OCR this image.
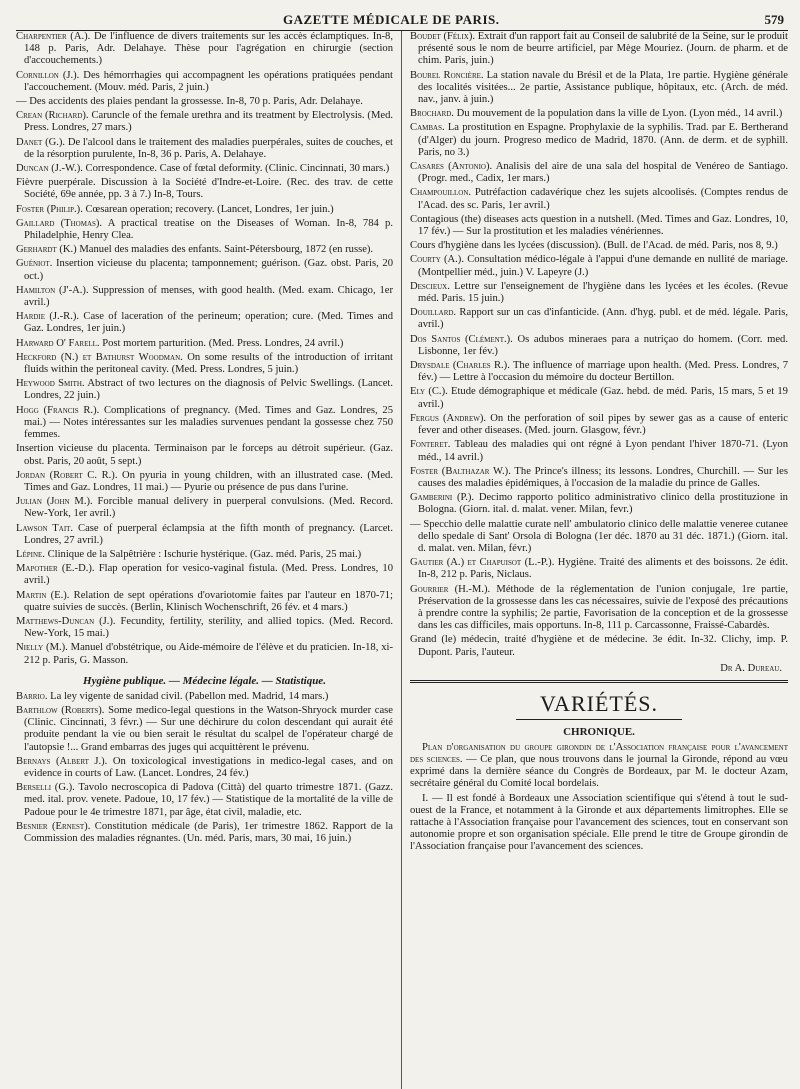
GAZETTE MÉDICALE DE PARIS.	579

Charpentier (A.). De l'influence de divers traitements sur les accès éclamptiques. In-8, 148 p. Paris, Adr. Delahaye. Thèse pour l'agrégation en chirurgie (section d'accouchements.)

Cornillon (J.). Des hémorrhagies qui accompagnent les opérations pratiquées pendant l'accouchement. (Mouv. méd. Paris, 2 juin.)

— Des accidents des plaies pendant la grossesse. In-8, 70 p. Paris, Adr. Delahaye.

Crean (Richard). Caruncle of the female urethra and its treatment by Electrolysis. (Med. Press. Londres, 27 mars.)

Danet (G.). De l'alcool dans le traitement des maladies puerpérales, suites de couches, et de la résorption purulente, In-8, 36 p. Paris, A. Delahaye.

Duncan (J.-W.). Correspondence. Case of fœtal deformity. (Clinic. Cincinnati, 30 mars.)

Fièvre puerpérale. Discussion à la Société d'Indre-et-Loire. (Rec. des trav. de cette Société, 69e année, pp. 3 à 7.) In-8, Tours.

Foster (Philip.). Cœsarean operation; recovery. (Lancet, Londres, 1er juin.)

Gaillard (Thomas). A practical treatise on the Diseases of Woman. In-8, 784 p. Philadelphie, Henry Clea.

Gerhardt (K.) Manuel des maladies des enfants. Saint-Pétersbourg, 1872 (en russe).

Guéniot. Insertion vicieuse du placenta; tamponnement; guérison. (Gaz. obst. Paris, 20 oct.)

Hamilton (J'-A.). Suppression of menses, with good health. (Med. exam. Chicago, 1er avril.)

Hardie (J.-R.). Case of laceration of the perineum; operation; cure. (Med. Times and Gaz. Londres, 1er juin.)

Harward O' Farell. Post mortem parturition. (Med. Press. Londres, 24 avril.)

Heckford (N.) et Bathurst Woodman. On some results of the introduction of irritant fluids within the peritoneal cavity. (Med. Press. Londres, 5 juin.)

Heywood Smith. Abstract of two lectures on the diagnosis of Pelvic Swellings. (Lancet. Londres, 22 juin.)

Hogg (Francis R.). Complications of pregnancy. (Med. Times and Gaz. Londres, 25 mai.) — Notes intéressantes sur les maladies survenues pendant la gossesse chez 750 femmes.

Insertion vicieuse du placenta. Terminaison par le forceps au détroit supérieur. (Gaz. obst. Paris, 20 août, 5 sept.)

Jordan (Robert C. R.). On pyuria in young children, with an illustrated case. (Med. Times and Gaz. Londres, 11 mai.) — Pyurie ou présence de pus dans l'urine.

Julian (John M.). Forcible manual delivery in puerperal convulsions. (Med. Record. New-York, 1er avril.)

Lawson Tait. Case of puerperal éclampsia at the fifth month of pregnancy. (Larcet. Londres, 27 avril.)

Lépine. Clinique de la Salpêtrière : Ischurie hystérique. (Gaz. méd. Paris, 25 mai.)

Mapother (E.-D.). Flap operation for vesico-vaginal fistula. (Med. Press. Londres, 10 avril.)

Martin (E.). Relation de sept opérations d'ovariotomie faites par l'auteur en 1870-71; quatre suivies de succès. (Berlin, Klinisch Wochenschrift, 26 fév. et 4 mars.)

Matthews-Duncan (J.). Fecundity, fertility, sterility, and allied topics. (Med. Record. New-York, 15 mai.)

Nielly (M.). Manuel d'obstétrique, ou Aide-mémoire de l'élève et du praticien. In-18, xi-212 p. Paris, G. Masson.

Hygiène publique. — Médecine légale. — Statistique.

Barrio. La ley vigente de sanidad civil. (Pabellon med. Madrid, 14 mars.)

Barthlow (Roberts). Some medico-legal questions in the Watson-Shryock murder case (Clinic. Cincinnati, 3 févr.) — Sur une déchirure du colon descendant qui aurait été produite pendant la vie ou bien serait le résultat du scalpel de l'opérateur chargé de l'autopsie !... Grand embarras des juges qui acquittèrent le prévenu.

Bernays (Albert J.). On toxicological investigations in medico-legal cases, and on evidence in courts of Law. (Lancet. Londres, 24 fév.)

Berselli (G.). Tavolo necroscopica di Padova (Città) del quarto trimestre 1871. (Gazz. med. ital. prov. venete. Padoue, 10, 17 fév.) — Statistique de la mortalité de la ville de Padoue pour le 4e trimestre 1871, par âge, état civil, maladie, etc.

Besnier (Ernest). Constitution médicale (de Paris), 1er trimestre 1862. Rapport de la Commission des maladies régnantes. (Un. méd. Paris, mars, 30 mai, 16 juin.)

Boudet (Félix). Extrait d'un rapport fait au Conseil de salubrité de la Seine, sur le produit présenté sous le nom de beurre artificiel, par Mège Mouriez. (Journ. de pharm. et de chim. Paris, juin.)

Bourel Roncière. La station navale du Brésil et de la Plata, 1re partie. Hygiène générale des localités visitées... 2e partie, Assistance publique, hôpitaux, etc. (Arch. de méd. nav., janv. à juin.)

Brochard. Du mouvement de la population dans la ville de Lyon. (Lyon méd., 14 avril.)

Cambas. La prostitution en Espagne. Prophylaxie de la syphilis. Trad. par E. Bertherand (d'Alger) du journ. Progreso medico de Madrid, 1870. (Ann. de derm. et de syphill. Paris, no 3.)

Casares (Antonio). Analisis del aire de una sala del hospital de Venéreo de Santiago. (Progr. med., Cadix, 1er mars.)

Champouillon. Putréfaction cadavérique chez les sujets alcoolisés. (Comptes rendus de l'Acad. des sc. Paris, 1er avril.)

Contagious (the) diseases acts question in a nutshell. (Med. Times and Gaz. Londres, 10, 17 fév.) — Sur la prostitution et les maladies vénériennes.

Cours d'hygiène dans les lycées (discussion). (Bull. de l'Acad. de méd. Paris, nos 8, 9.)

Courty (A.). Consultation médico-légale à l'appui d'une demande en nullité de mariage. (Montpellier méd., juin.) V. Lapeyre (J.)

Descieux. Lettre sur l'enseignement de l'hygiène dans les lycées et les écoles. (Revue méd. Paris. 15 juin.)

Douillard. Rapport sur un cas d'infanticide. (Ann. d'hyg. publ. et de méd. légale. Paris, avril.)

Dos Santos (Clément.). Os adubos mineraes para a nutriçao do homem. (Corr. med. Lisbonne, 1er fév.)

Drysdale (Charles R.). The influence of marriage upon health. (Med. Press. Londres, 7 fév.) — Lettre à l'occasion du mémoire du docteur Bertillon.

Ely (C.). Etude démographique et médicale (Gaz. hebd. de méd. Paris, 15 mars, 5 et 19 avril.)

Fergus (Andrew). On the perforation of soil pipes by sewer gas as a cause of enteric fever and other diseases. (Med. journ. Glasgow, févr.)

Fonteret. Tableau des maladies qui ont régné à Lyon pendant l'hiver 1870-71. (Lyon méd., 14 avril.)

Foster (Balthazar W.). The Prince's illness; its lessons. Londres, Churchill. — Sur les causes des maladies épidémiques, à l'occasion de la maladie du prince de Galles.

Gamberini (P.). Decimo rapporto politico administrativo clinico della prostituzione in Bologna. (Giorn. ital. d. malat. vener. Milan, fevr.)

— Specchio delle malattie curate nell' ambulatorio clinico delle malattie veneree cutanee dello spedale di Sant' Orsola di Bologna (1er déc. 1870 au 31 déc. 1871.) (Giorn. ital. d. malat. ven. Milan, févr.)

Gautier (A.) et Chapuisot (L.-P.). Hygiène. Traité des aliments et des boissons. 2e édit. In-8, 212 p. Paris, Niclaus.

Gourrier (H.-M.). Méthode de la réglementation de l'union conjugale, 1re partie, Préservation de la grossesse dans les cas nécessaires, suivie de l'exposé des précautions à prendre contre la syphilis; 2e partie, Favorisation de la conception et de la grossesse dans les cas difficiles, mais opportuns. In-8, 111 p. Carcassonne, Fraissé-Cabardès.

Grand (le) médecin, traité d'hygiène et de médecine. 3e édit. In-32. Clichy, imp. P. Dupont. Paris, l'auteur.

Dr A. Dureau.
VARIÉTÉS.
CHRONIQUE.

Plan d'organisation du groupe girondin de l'Association française pour l'avancement des sciences. — Ce plan, que nous trouvons dans le journal la Gironde, répond au vœu exprimé dans la dernière séance du Congrès de Bordeaux, par M. le docteur Azam, secrétaire général du Comité local bordelais.

I. — Il est fondé à Bordeaux une Association scientifique qui s'étend à tout le sud-ouest de la France, et notamment à la Gironde et aux départements limitrophes. Elle se rattache à l'Association française pour l'avancement des sciences, tout en conservant son autonomie propre et son organisation spéciale. Elle prend le titre de Groupe girondin de l'Association française pour l'avancement des sciences.
